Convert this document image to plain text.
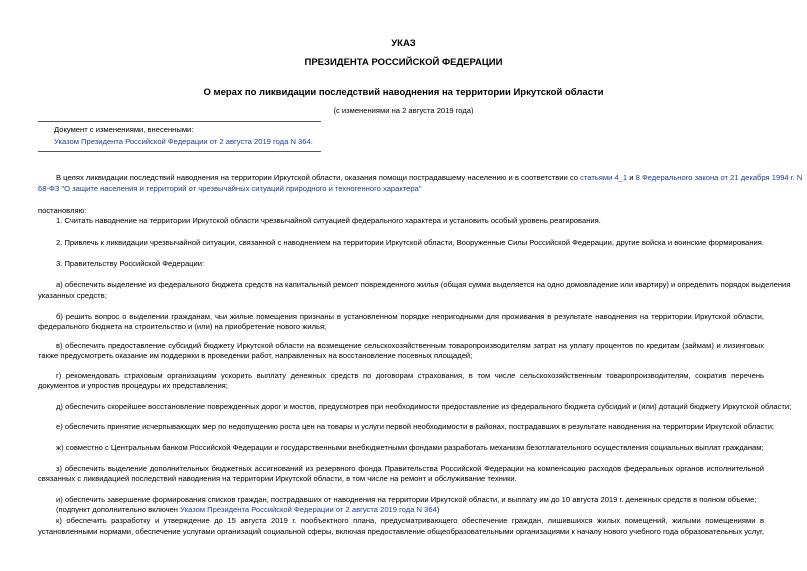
УКАЗ
ПРЕЗИДЕНТА РОССИЙСКОЙ ФЕДЕРАЦИИ
О мерах по ликвидации последствий наводнения на территории Иркутской области
(с изменениями на 2 августа 2019 года)
Документ с изменениями, внесенными:
Указом Президента Российской Федерации от 2 августа 2019 года N 364.
В целях ликвидации последствий наводнения на территории Иркутской области, оказания помощи пострадавшему населению и в соответствии со статьями 4_1 и 8 Федерального закона от 21 декабря 1994 г. N
68-ФЗ "О защите населения и территорий от чрезвычайных ситуаций природного и техногенного характера"
постановляю:
1. Считать наводнение на территории Иркутской области чрезвычайной ситуацией федерального характера и установить особый уровень реагирования.
2. Привлечь к ликвидации чрезвычайной ситуации, связанной с наводнением на территории Иркутской области, Вооруженные Силы Российской Федерации, другие войска и воинские формирования.
3. Правительству Российской Федерации:
а) обеспечить выделение из федерального бюджета средств на капитальный ремонт поврежденного жилья (общая сумма выделяется на одно домовладение или квартиру) и определить порядок выделения
указанных средств;
б) решить вопрос о выделении гражданам, чьи жилые помещения признаны в установленном порядке непригодными для проживания в результате наводнения на территории Иркутской области,
федерального бюджета на строительство и (или) на приобретение нового жилья;
в) обеспечить предоставление субсидий бюджету Иркутской области на возмещение сельскохозяйственным товаропроизводителям затрат на уплату процентов по кредитам (займам) и лизинговых
также предусмотреть оказание им поддержки в проведении работ, направленных на восстановление посевных площадей;
г) рекомендовать страховым организациям ускорить выплату денежных средств по договорам страхования, в том числе сельскохозяйственным товаропроизводителям, сократив перечень
документов и упростив процедуры их представления;
д) обеспечить скорейшее восстановление поврежденных дорог и мостов, предусмотрев при необходимости предоставление из федерального бюджета субсидий и (или) дотаций бюджету Иркутской области;
е) обеспечить принятие исчерпывающих мер по недопущению роста цен на товары и услуги первой необходимости в районах, пострадавших в результате наводнения на территории Иркутской области;
ж) совместно с Центральным банком Российской Федерации и государственными внебюджетными фондами разработать механизм безотлагательного осуществления социальных выплат гражданам;
з) обеспечить выделение дополнительных бюджетных ассигнований из резервного фонда Правительства Российской Федерации на компенсацию расходов федеральных органов исполнительной
связанных с ликвидацией последствий наводнения на территории Иркутской области, в том числе на ремонт и обслуживание техники.
и) обеспечить завершение формирования списков граждан, пострадавших от наводнения на территории Иркутской области, и выплату им до 10 августа 2019 г. денежных средств в полном объеме;
(подпункт дополнительно включен Указом Президента Российской Федерации от 2 августа 2019 года N 364)
к) обеспечить разработку и утверждение до 15 августа 2019 г. пообъектного плана, предусматривающего обеспечение граждан, лишившихся жилых помещений, жилыми помещениями в
установленными нормами, обеспечение услугами организаций социальной сферы, включая предоставление общеобразовательными организациями к началу нового учебного года образовательных услуг,
